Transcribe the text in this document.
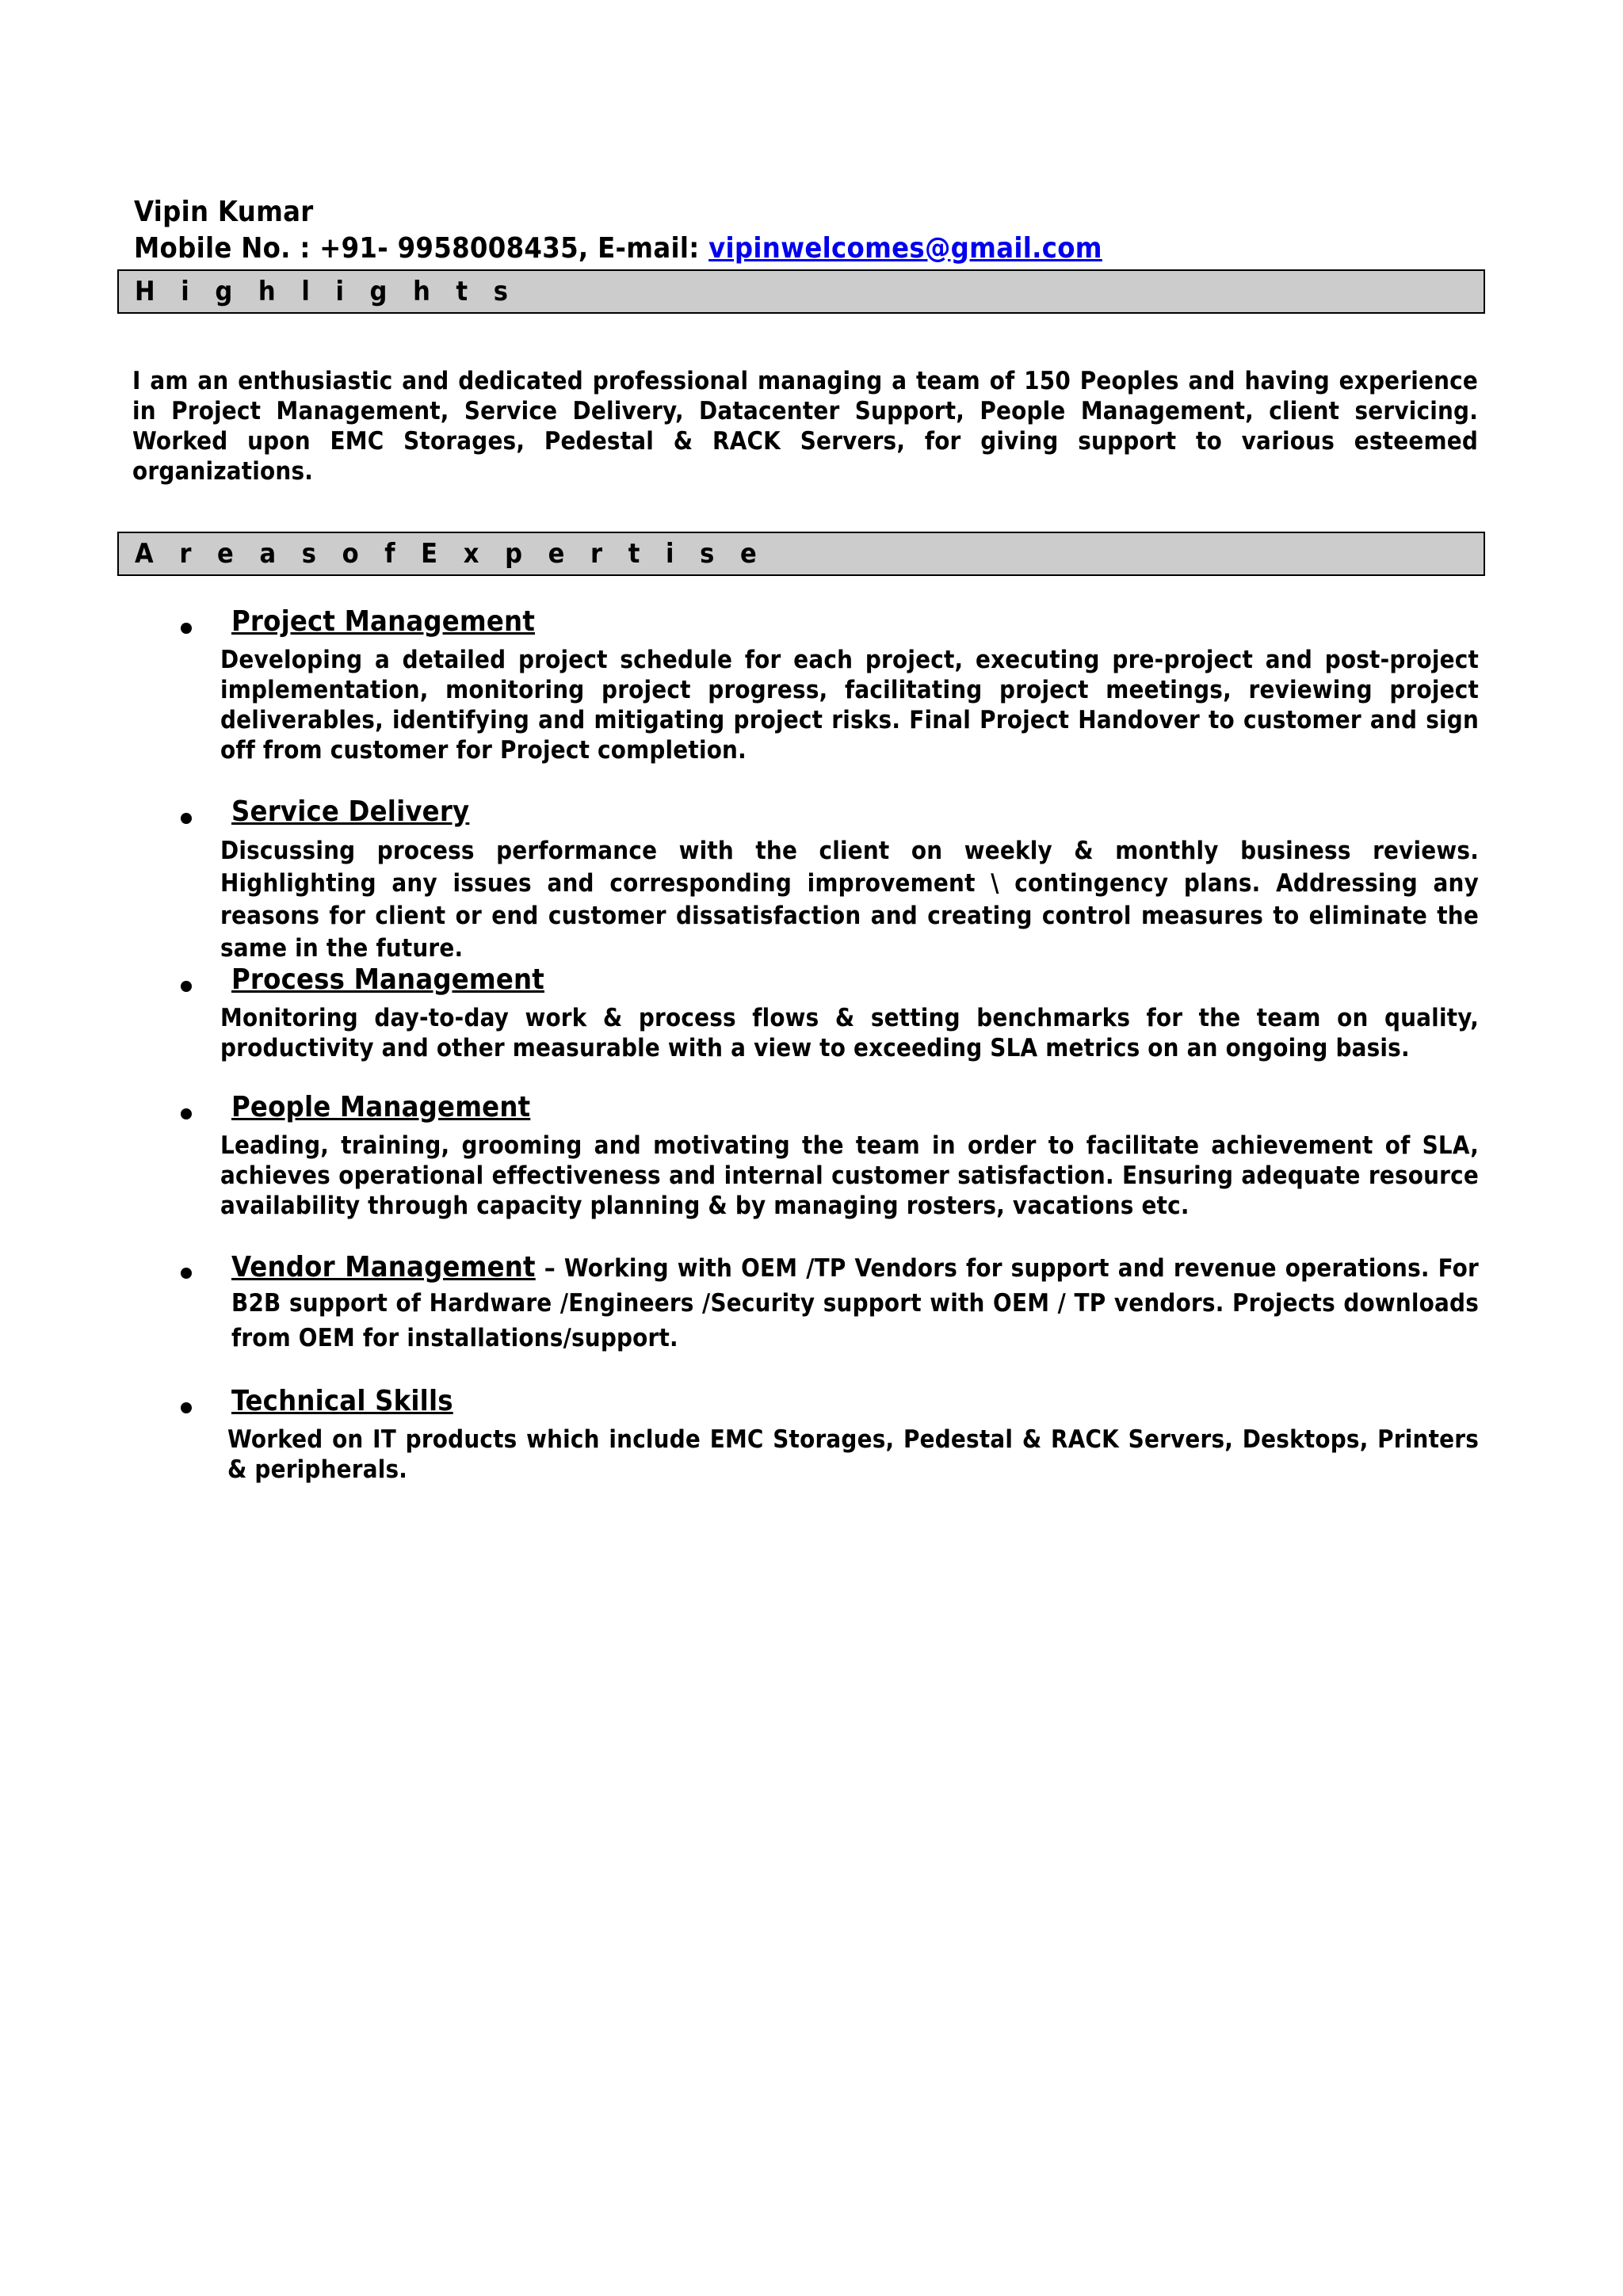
Vipin Kumar

Mobile No. : +91- 9958008435, E-mail: vipinwelcomes@gmail.com

H i g h l i g h t s

I am an enthusiastic and dedicated professional managing a team of 150 Peoples and having experience in Project Management, Service Delivery, Datacenter Support, People Management, client servicing. Worked upon EMC Storages, Pedestal & RACK Servers, for giving support to various esteemed organizations.

A r e a s o f E x p e r t i s e
Project Management

Developing a detailed project schedule for each project, executing pre-project and post-project implementation, monitoring project progress, facilitating project meetings, reviewing project deliverables, identifying and mitigating project risks. Final Project Handover to customer and sign off from customer for Project completion.

Service Delivery

Discussing process performance with the client on weekly & monthly business reviews. Highlighting any issues and corresponding improvement \ contingency plans. Addressing any reasons for client or end customer dissatisfaction and creating control measures to eliminate the same in the future.

Process Management

Monitoring day-to-day work & process flows & setting benchmarks for the team on quality, productivity and other measurable with a view to exceeding SLA metrics on an ongoing basis.

People Management

Leading, training, grooming and motivating the team in order to facilitate achievement of SLA, achieves operational effectiveness and internal customer satisfaction. Ensuring adequate resource availability through capacity planning & by managing rosters, vacations etc.

Vendor Management – Working with OEM /TP Vendors for support and revenue operations. For B2B support of Hardware /Engineers /Security support with OEM / TP vendors. Projects downloads from OEM for installations/support.

Technical Skills

Worked on IT products which include EMC Storages, Pedestal & RACK Servers, Desktops, Printers & peripherals.
